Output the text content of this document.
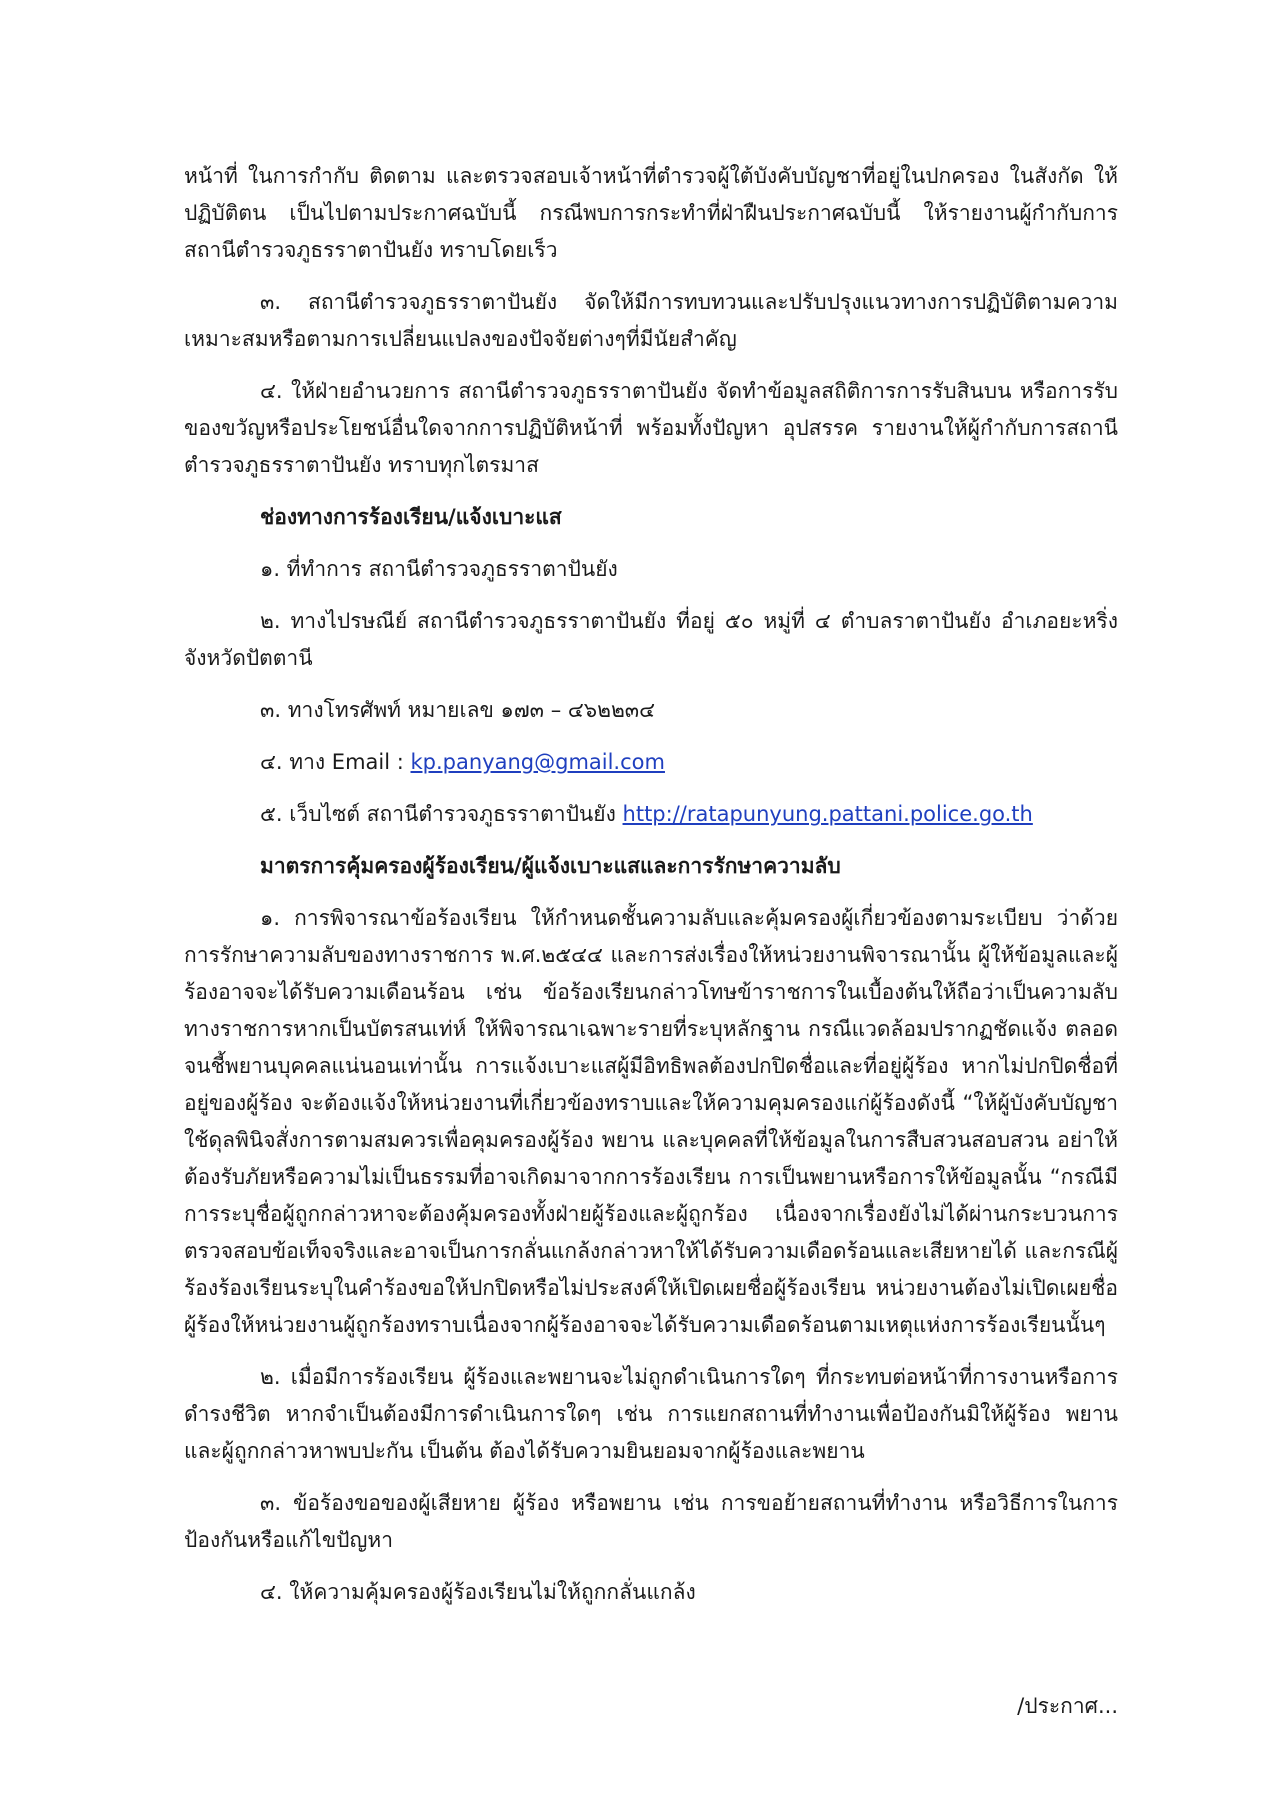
หน้าที่ ในการกำกับ ติดตาม และตรวจสอบเจ้าหน้าที่ตำรวจผู้ใต้บังคับบัญชาที่อยู่ในปกครอง ในสังกัด ให้ปฏิบัติตน เป็นไปตามประกาศฉบับนี้ กรณีพบการกระทำที่ฝ่าฝืนประกาศฉบับนี้ ให้รายงานผู้กำกับการสถานีตำรวจภูธรราตาปันยัง ทราบโดยเร็ว

๓. สถานีตำรวจภูธรราตาปันยัง จัดให้มีการทบทวนและปรับปรุงแนวทางการปฏิบัติตามความเหมาะสมหรือตามการเปลี่ยนแปลงของปัจจัยต่างๆที่มีนัยสำคัญ

๔. ให้ฝ่ายอำนวยการ สถานีตำรวจภูธรราตาปันยัง จัดทำข้อมูลสถิติการการรับสินบน หรือการรับของขวัญหรือประโยชน์อื่นใดจากการปฏิบัติหน้าที่ พร้อมทั้งปัญหา อุปสรรค รายงานให้ผู้กำกับการสถานีตำรวจภูธรราตาปันยัง ทราบทุกไตรมาส

ช่องทางการร้องเรียน/แจ้งเบาะแส
๑. ที่ทำการ สถานีตำรวจภูธรราตาปันยัง

๒. ทางไปรษณีย์ สถานีตำรวจภูธรราตาปันยัง ที่อยู่ ๕๐ หมู่ที่ ๔ ตำบลราตาปันยัง อำเภอยะหริ่ง จังหวัดปัตตานี

๓. ทางโทรศัพท์ หมายเลข ๑๗๓ – ๔๖๒๒๓๔
๔. ทาง Email : kp.panyang@gmail.com
๕. เว็บไซต์ สถานีตำรวจภูธรราตาปันยัง http://ratapunyung.pattani.police.go.th
มาตรการคุ้มครองผู้ร้องเรียน/ผู้แจ้งเบาะแสและการรักษาความลับ

๑. การพิจารณาข้อร้องเรียน ให้กำหนดชั้นความลับและคุ้มครองผู้เกี่ยวข้องตามระเบียบ ว่าด้วยการรักษาความลับของทางราชการ พ.ศ.๒๕๔๔ และการส่งเรื่องให้หน่วยงานพิจารณานั้น ผู้ให้ข้อมูลและผู้ร้องอาจจะได้รับความเดือนร้อน เช่น ข้อร้องเรียนกล่าวโทษข้าราชการในเบื้องต้นให้ถือว่าเป็นความลับทางราชการหากเป็นบัตรสนเท่ห์ ให้พิจารณาเฉพาะรายที่ระบุหลักฐาน กรณีแวดล้อมปรากฏชัดแจ้ง ตลอดจนชี้พยานบุคคลแน่นอนเท่านั้น การแจ้งเบาะแสผู้มีอิทธิพลต้องปกปิดชื่อและที่อยู่ผู้ร้อง หากไม่ปกปิดชื่อที่อยู่ของผู้ร้อง จะต้องแจ้งให้หน่วยงานที่เกี่ยวข้องทราบและให้ความคุมครองแก่ผู้ร้องดังนี้ “ให้ผู้บังคับบัญชาใช้ดุลพินิจสั่งการตามสมควรเพื่อคุมครองผู้ร้อง พยาน และบุคคลที่ให้ข้อมูลในการสืบสวนสอบสวน อย่าให้ต้องรับภัยหรือความไม่เป็นธรรมที่อาจเกิดมาจากการร้องเรียน การเป็นพยานหรือการให้ข้อมูลนั้น “กรณีมีการระบุชื่อผู้ถูกกล่าวหาจะต้องคุ้มครองทั้งฝ่ายผู้ร้องและผู้ถูกร้อง เนื่องจากเรื่องยังไม่ได้ผ่านกระบวนการตรวจสอบข้อเท็จจริงและอาจเป็นการกลั่นแกล้งกล่าวหาให้ได้รับความเดือดร้อนและเสียหายได้ และกรณีผู้ร้องร้องเรียนระบุในคำร้องขอให้ปกปิดหรือไม่ประสงค์ให้เปิดเผยชื่อผู้ร้องเรียน หน่วยงานต้องไม่เปิดเผยชื่อผู้ร้องให้หน่วยงานผู้ถูกร้องทราบเนื่องจากผู้ร้องอาจจะได้รับความเดือดร้อนตามเหตุแห่งการร้องเรียนนั้นๆ

๒. เมื่อมีการร้องเรียน ผู้ร้องและพยานจะไม่ถูกดำเนินการใดๆ ที่กระทบต่อหน้าที่การงานหรือการดำรงชีวิต หากจำเป็นต้องมีการดำเนินการใดๆ เช่น การแยกสถานที่ทำงานเพื่อป้องกันมิให้ผู้ร้อง พยานและผู้ถูกกล่าวหาพบปะกัน เป็นต้น ต้องได้รับความยินยอมจากผู้ร้องและพยาน

๓. ข้อร้องขอของผู้เสียหาย ผู้ร้อง หรือพยาน เช่น การขอย้ายสถานที่ทำงาน หรือวิธีการในการป้องกันหรือแก้ไขปัญหา

๔. ให้ความคุ้มครองผู้ร้องเรียนไม่ให้ถูกกลั่นแกล้ง
/ประกาศ...
